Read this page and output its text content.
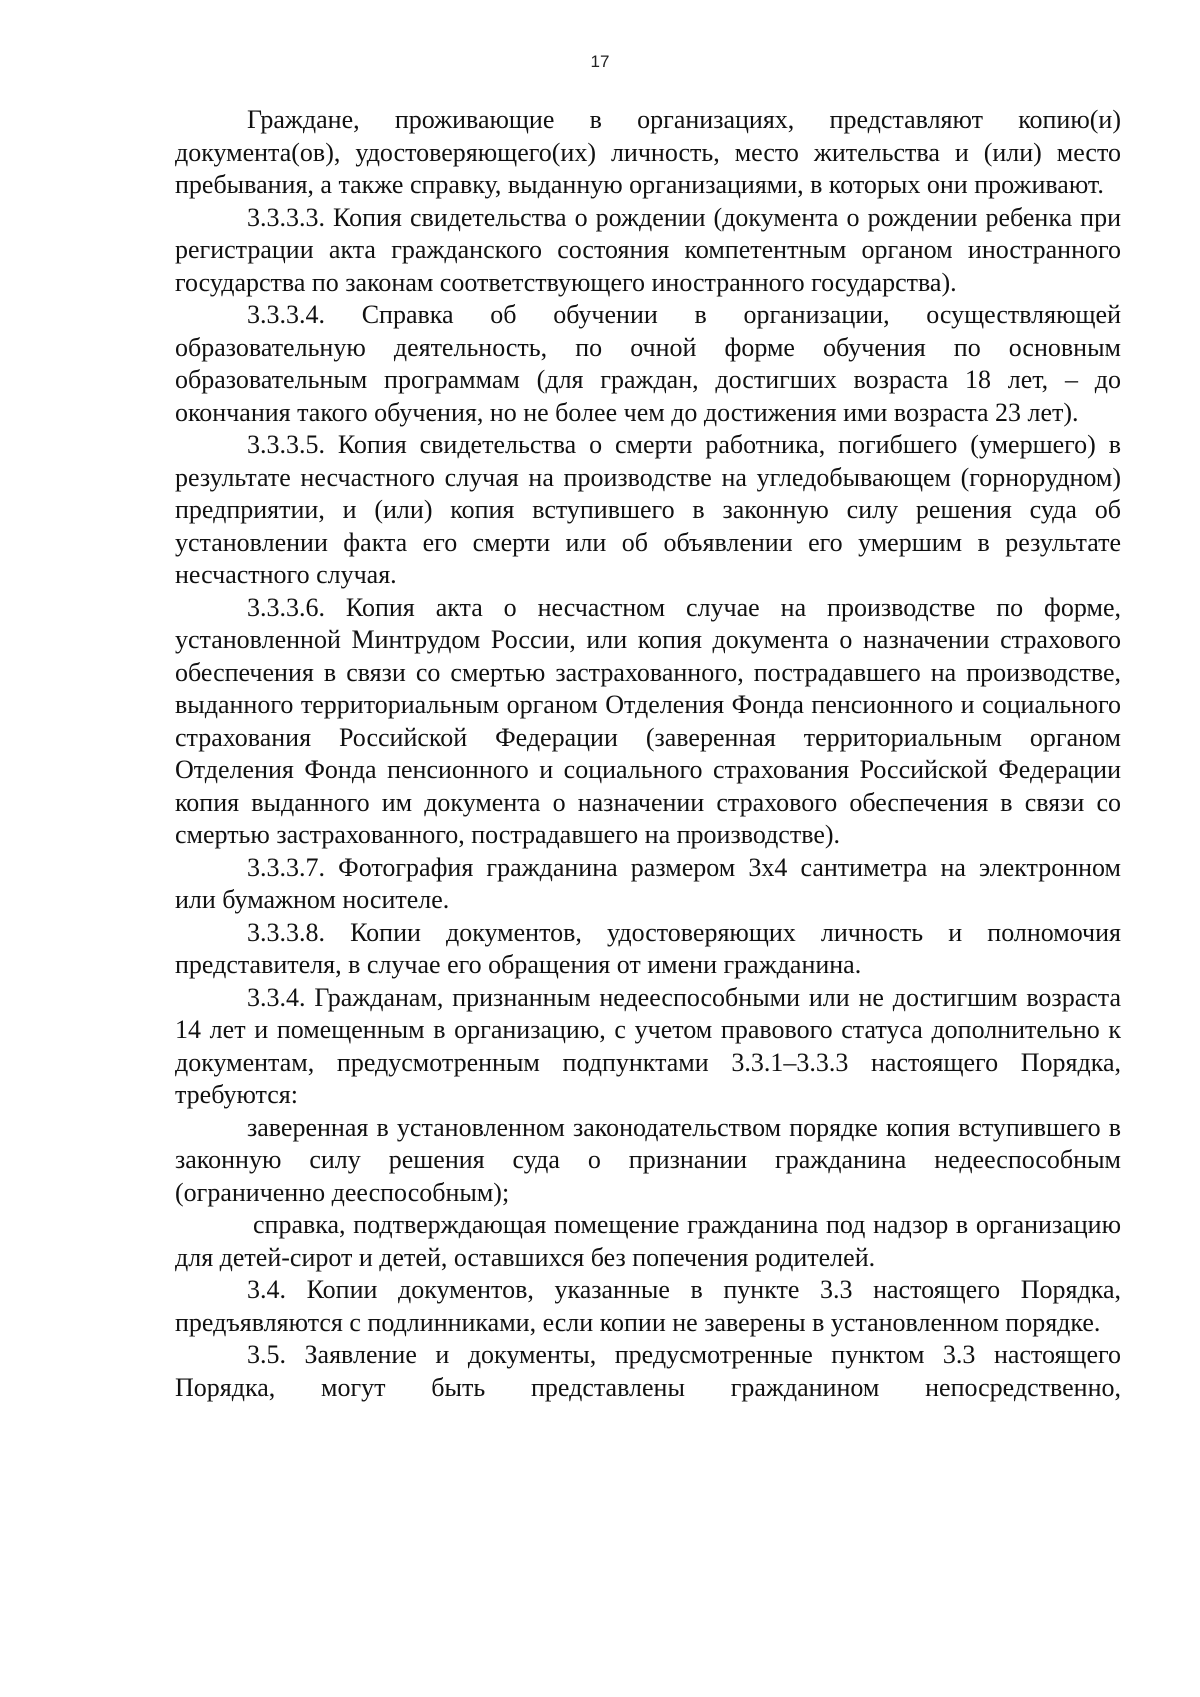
17

Граждане, проживающие в организациях, представляют копию(и) документа(ов), удостоверяющего(их) личность, место жительства и (или) место пребывания, а также справку, выданную организациями, в которых они проживают.

3.3.3.3. Копия свидетельства о рождении (документа о рождении ребенка при регистрации акта гражданского состояния компетентным органом иностранного государства по законам соответствующего иностранного государства).

3.3.3.4. Справка об обучении в организации, осуществляющей образовательную деятельность, по очной форме обучения по основным образовательным программам (для граждан, достигших возраста 18 лет, – до окончания такого обучения, но не более чем до достижения ими возраста 23 лет).

3.3.3.5. Копия свидетельства о смерти работника, погибшего (умершего) в результате несчастного случая на производстве на угледобывающем (горнорудном) предприятии, и (или) копия вступившего в законную силу решения суда об установлении факта его смерти или об объявлении его умершим в результате несчастного случая.

3.3.3.6. Копия акта о несчастном случае на производстве по форме, установленной Минтрудом России, или копия документа о назначении страхового обеспечения в связи со смертью застрахованного, пострадавшего на производстве, выданного территориальным органом Отделения Фонда пенсионного и социального страхования Российской Федерации (заверенная территориальным органом Отделения Фонда пенсионного и социального страхования Российской Федерации копия выданного им документа о назначении страхового обеспечения в связи со смертью застрахованного, пострадавшего на производстве).

3.3.3.7. Фотография гражданина размером 3х4 сантиметра на электронном или бумажном носителе.

3.3.3.8. Копии документов, удостоверяющих личность и полномочия представителя, в случае его обращения от имени гражданина.

3.3.4. Гражданам, признанным недееспособными или не достигшим возраста 14 лет и помещенным в организацию, с учетом правового статуса дополнительно к документам, предусмотренным подпунктами 3.3.1–3.3.3 настоящего Порядка, требуются:

заверенная в установленном законодательством порядке копия вступившего в законную силу решения суда о признании гражданина недееспособным (ограниченно дееспособным);

справка, подтверждающая помещение гражданина под надзор в организацию для детей-сирот и детей, оставшихся без попечения родителей.

3.4. Копии документов, указанные в пункте 3.3 настоящего Порядка, предъявляются с подлинниками, если копии не заверены в установленном порядке.

3.5. Заявление и документы, предусмотренные пунктом 3.3 настоящего Порядка, могут быть представлены гражданином непосредственно,
